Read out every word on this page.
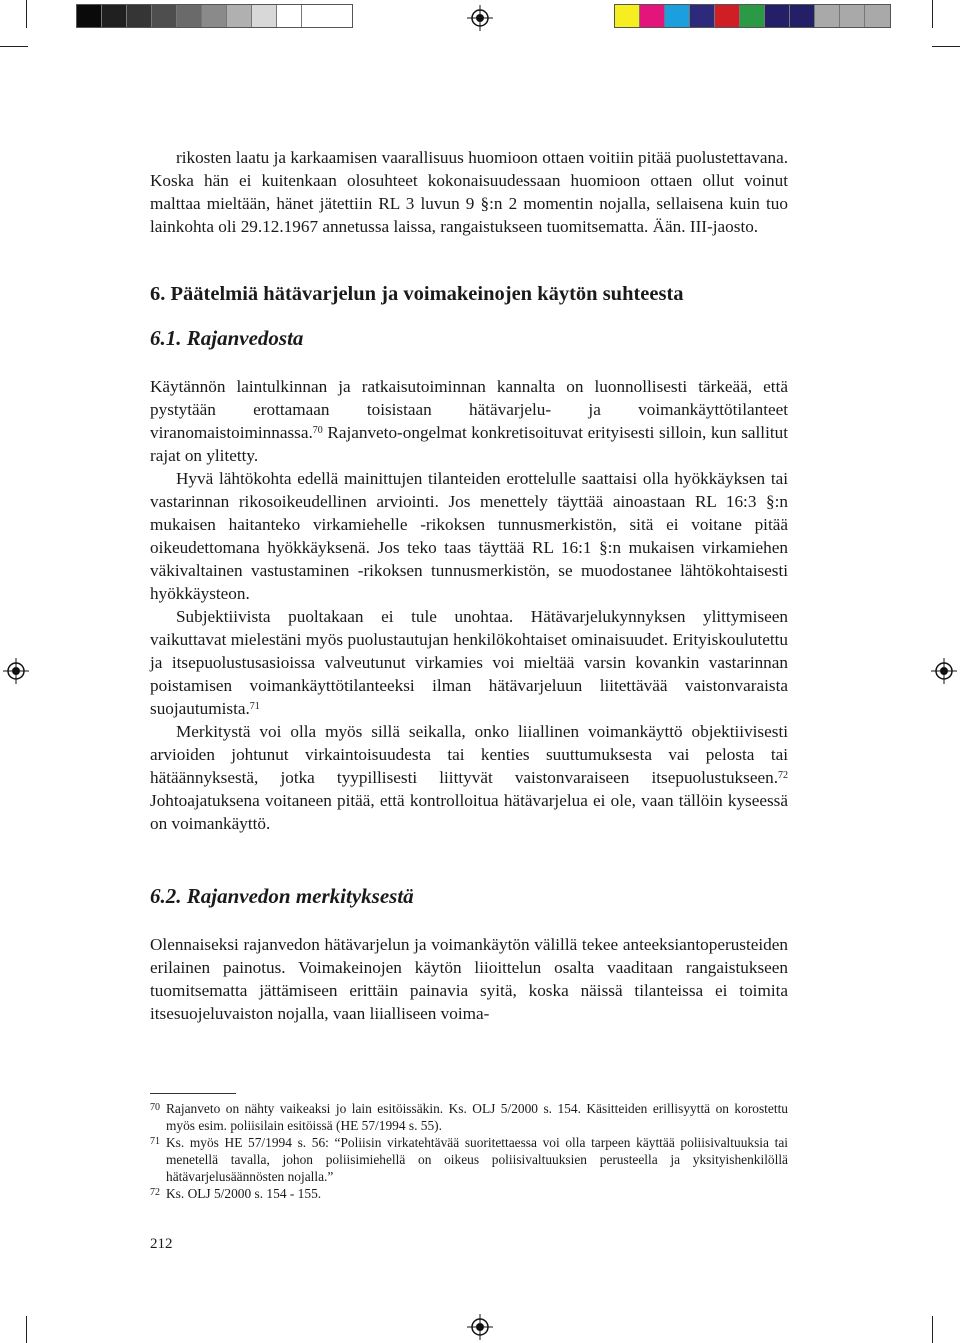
rikosten laatu ja karkaamisen vaarallisuus huomioon ottaen voitiin pitää puolustettavana. Koska hän ei kuitenkaan olosuhteet kokonaisuudessaan huomioon ottaen ollut voinut malttaa mieltään, hänet jätettiin RL 3 luvun 9 §:n 2 momentin nojalla, sellaisena kuin tuo lainkohta oli 29.12.1967 annetussa laissa, rangaistukseen tuomitsematta. Ään. III-jaosto.

6. Päätelmiä hätävarjelun ja voimakeinojen käytön suhteesta
6.1. Rajanvedosta

Käytännön laintulkinnan ja ratkaisutoiminnan kannalta on luonnollisesti tärkeää, että pystytään erottamaan toisistaan hätävarjelu- ja voimankäyttötilanteet viranomaistoiminnassa.$^{70}$ Rajanveto-ongelmat konkretisoituvat erityisesti silloin, kun sallitut rajat on ylitetty.

Hyvä lähtökohta edellä mainittujen tilanteiden erottelulle saattaisi olla hyökkäyksen tai vastarinnan rikosoikeudellinen arviointi. Jos menettely täyttää ainoastaan RL 16:3 §:n mukaisen haitanteko virkamiehelle -rikoksen tunnusmerkistön, sitä ei voitane pitää oikeudettomana hyökkäyksenä. Jos teko taas täyttää RL 16:1 §:n mukaisen virkamiehen väkivaltainen vastustaminen -rikoksen tunnusmerkistön, se muodostanee lähtökohtaisesti hyökkäysteon.

Subjektiivista puoltakaan ei tule unohtaa. Hätävarjelukynnyksen ylittymiseen vaikuttavat mielestäni myös puolustautujan henkilökohtaiset ominaisuudet. Erityiskoulutettu ja itsepuolustusasioissa valveutunut virkamies voi mieltää varsin kovankin vastarinnan poistamisen voimankäyttötilanteeksi ilman hätävarjeluun liitettävää vaistonvaraista suojautumista.$^{71}$

Merkitystä voi olla myös sillä seikalla, onko liiallinen voimankäyttö objektiivisesti arvioiden johtunut virkaintoisuudesta tai kenties suuttumuksesta vai pelosta tai hätäännyksestä, jotka tyypillisesti liittyvät vaistonvaraiseen itsepuolustukseen.$^{72}$ Johtoajatuksena voitaneen pitää, että kontrolloitua hätävarjelua ei ole, vaan tällöin kyseessä on voimankäyttö.

6.2. Rajanvedon merkityksestä

Olennaiseksi rajanvedon hätävarjelun ja voimankäytön välillä tekee anteeksiantoperusteiden erilainen painotus. Voimakeinojen käytön liioittelun osalta vaaditaan rangaistukseen tuomitsematta jättämiseen erittäin painavia syitä, koska näissä tilanteissa ei toimita itsesuojeluvaiston nojalla, vaan liialliseen voima-

70 Rajanveto on nähty vaikeaksi jo lain esitöissäkin. Ks. OLJ 5/2000 s. 154. Käsitteiden erillisyyttä on korostettu myös esim. poliisilain esitöissä (HE 57/1994 s. 55).
71 Ks. myös HE 57/1994 s. 56: “Poliisin virkatehtävää suoritettaessa voi olla tarpeen käyttää poliisivaltuuksia tai menetellä tavalla, johon poliisimiehellä on oikeus poliisivaltuuksien perusteella ja yksityishenkilöllä hätävarjelusäännösten nojalla.”
72 Ks. OLJ 5/2000 s. 154 - 155.
212
